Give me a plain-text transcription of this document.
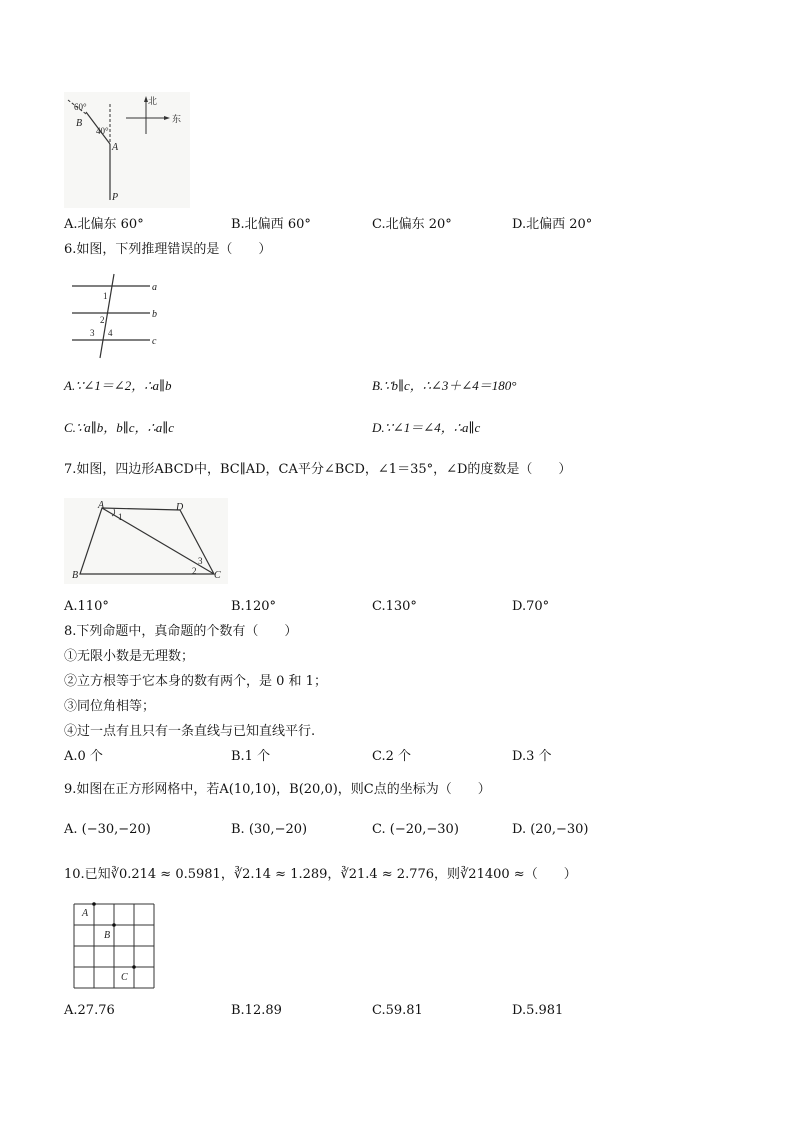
北
东
60°
40°
B
A
P
A.北偏东 60°	B.北偏西 60°	C.北偏东 20°	D.北偏西 20°
6.如图，下列推理错误的是（　　）
a
b
c
1
2
3 4
A.∵∠1＝∠2，∴a∥b	B.∵b∥c，∴∠3＋∠4＝180°
C.∵a∥b，b∥c，∴a∥c	D.∵∠1＝∠4，∴a∥c
7.如图，四边形ABCD中，BC∥AD，CA平分∠BCD，∠1＝35°，∠D的度数是（　　）
A	D
B	C
1
2
3
A.110°	B.120°	C.130°	D.70°
8.下列命题中，真命题的个数有（　　）
①无限小数是无理数；
②立方根等于它本身的数有两个，是 0 和 1；
③同位角相等；
④过一点有且只有一条直线与已知直线平行.
A.0 个	B.1 个	C.2 个	D.3 个
9.如图在正方形网格中，若A(10,10)，B(20,0)，则C点的坐标为（　　）
A. (−30,−20)	B. (30,−20)	C. (−20,−30)	D. (20,−30)
10.已知∛0.214 ≈ 0.5981，∛2.14 ≈ 1.289，∛21.4 ≈ 2.776，则∛21400 ≈（　　）
A
B
C
A.27.76	B.12.89	C.59.81	D.5.981
